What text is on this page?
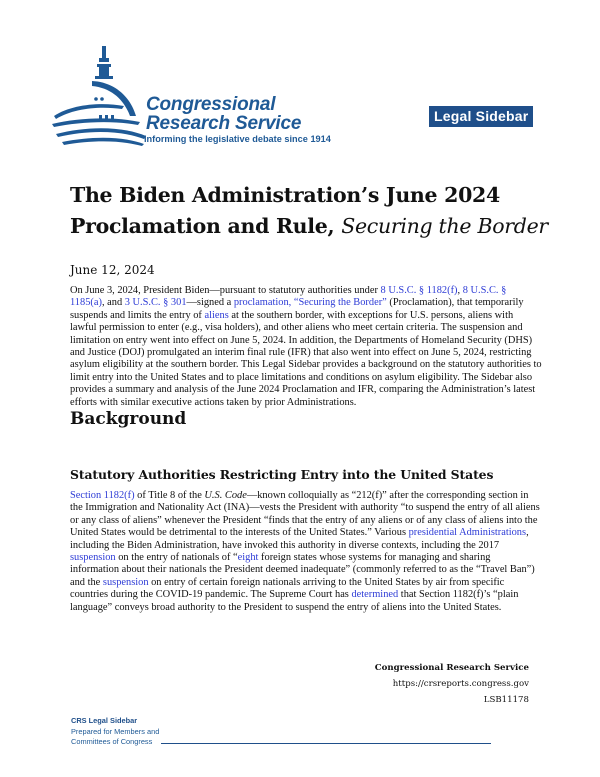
Congressional
Research Service
Informing the legislative debate since 1914
Legal Sidebar
The Biden Administration’s June 2024 Proclamation and Rule, Securing the Border
June 12, 2024
On June 3, 2024, President Biden—pursuant to statutory authorities under 8 U.S.C. § 1182(f), 8 U.S.C. § 1185(a), and 3 U.S.C. § 301—signed a proclamation, “Securing the Border” (Proclamation), that temporarily suspends and limits the entry of aliens at the southern border, with exceptions for U.S. persons, aliens with lawful permission to enter (e.g., visa holders), and other aliens who meet certain criteria. The suspension and limitation on entry went into effect on June 5, 2024. In addition, the Departments of Homeland Security (DHS) and Justice (DOJ) promulgated an interim final rule (IFR) that also went into effect on June 5, 2024, restricting asylum eligibility at the southern border. This Legal Sidebar provides a background on the statutory authorities to limit entry into the United States and to place limitations and conditions on asylum eligibility. The Sidebar also provides a summary and analysis of the June 2024 Proclamation and IFR, comparing the Administration’s latest efforts with similar executive actions taken by prior Administrations.
Background
Statutory Authorities Restricting Entry into the United States
Section 1182(f) of Title 8 of the U.S. Code—known colloquially as “212(f)” after the corresponding section in the Immigration and Nationality Act (INA)—vests the President with authority “to suspend the entry of all aliens or any class of aliens” whenever the President “finds that the entry of any aliens or of any class of aliens into the United States would be detrimental to the interests of the United States.” Various presidential Administrations, including the Biden Administration, have invoked this authority in diverse contexts, including the 2017 suspension on the entry of nationals of “eight foreign states whose systems for managing and sharing information about their nationals the President deemed inadequate” (commonly referred to as the “Travel Ban”) and the suspension on entry of certain foreign nationals arriving to the United States by air from specific countries during the COVID-19 pandemic. The Supreme Court has determined that Section 1182(f)’s “plain language” conveys broad authority to the President to suspend the entry of aliens into the United States.
Congressional Research Service
https://crsreports.congress.gov
LSB11178
CRS Legal Sidebar
Prepared for Members and
Committees of Congress
